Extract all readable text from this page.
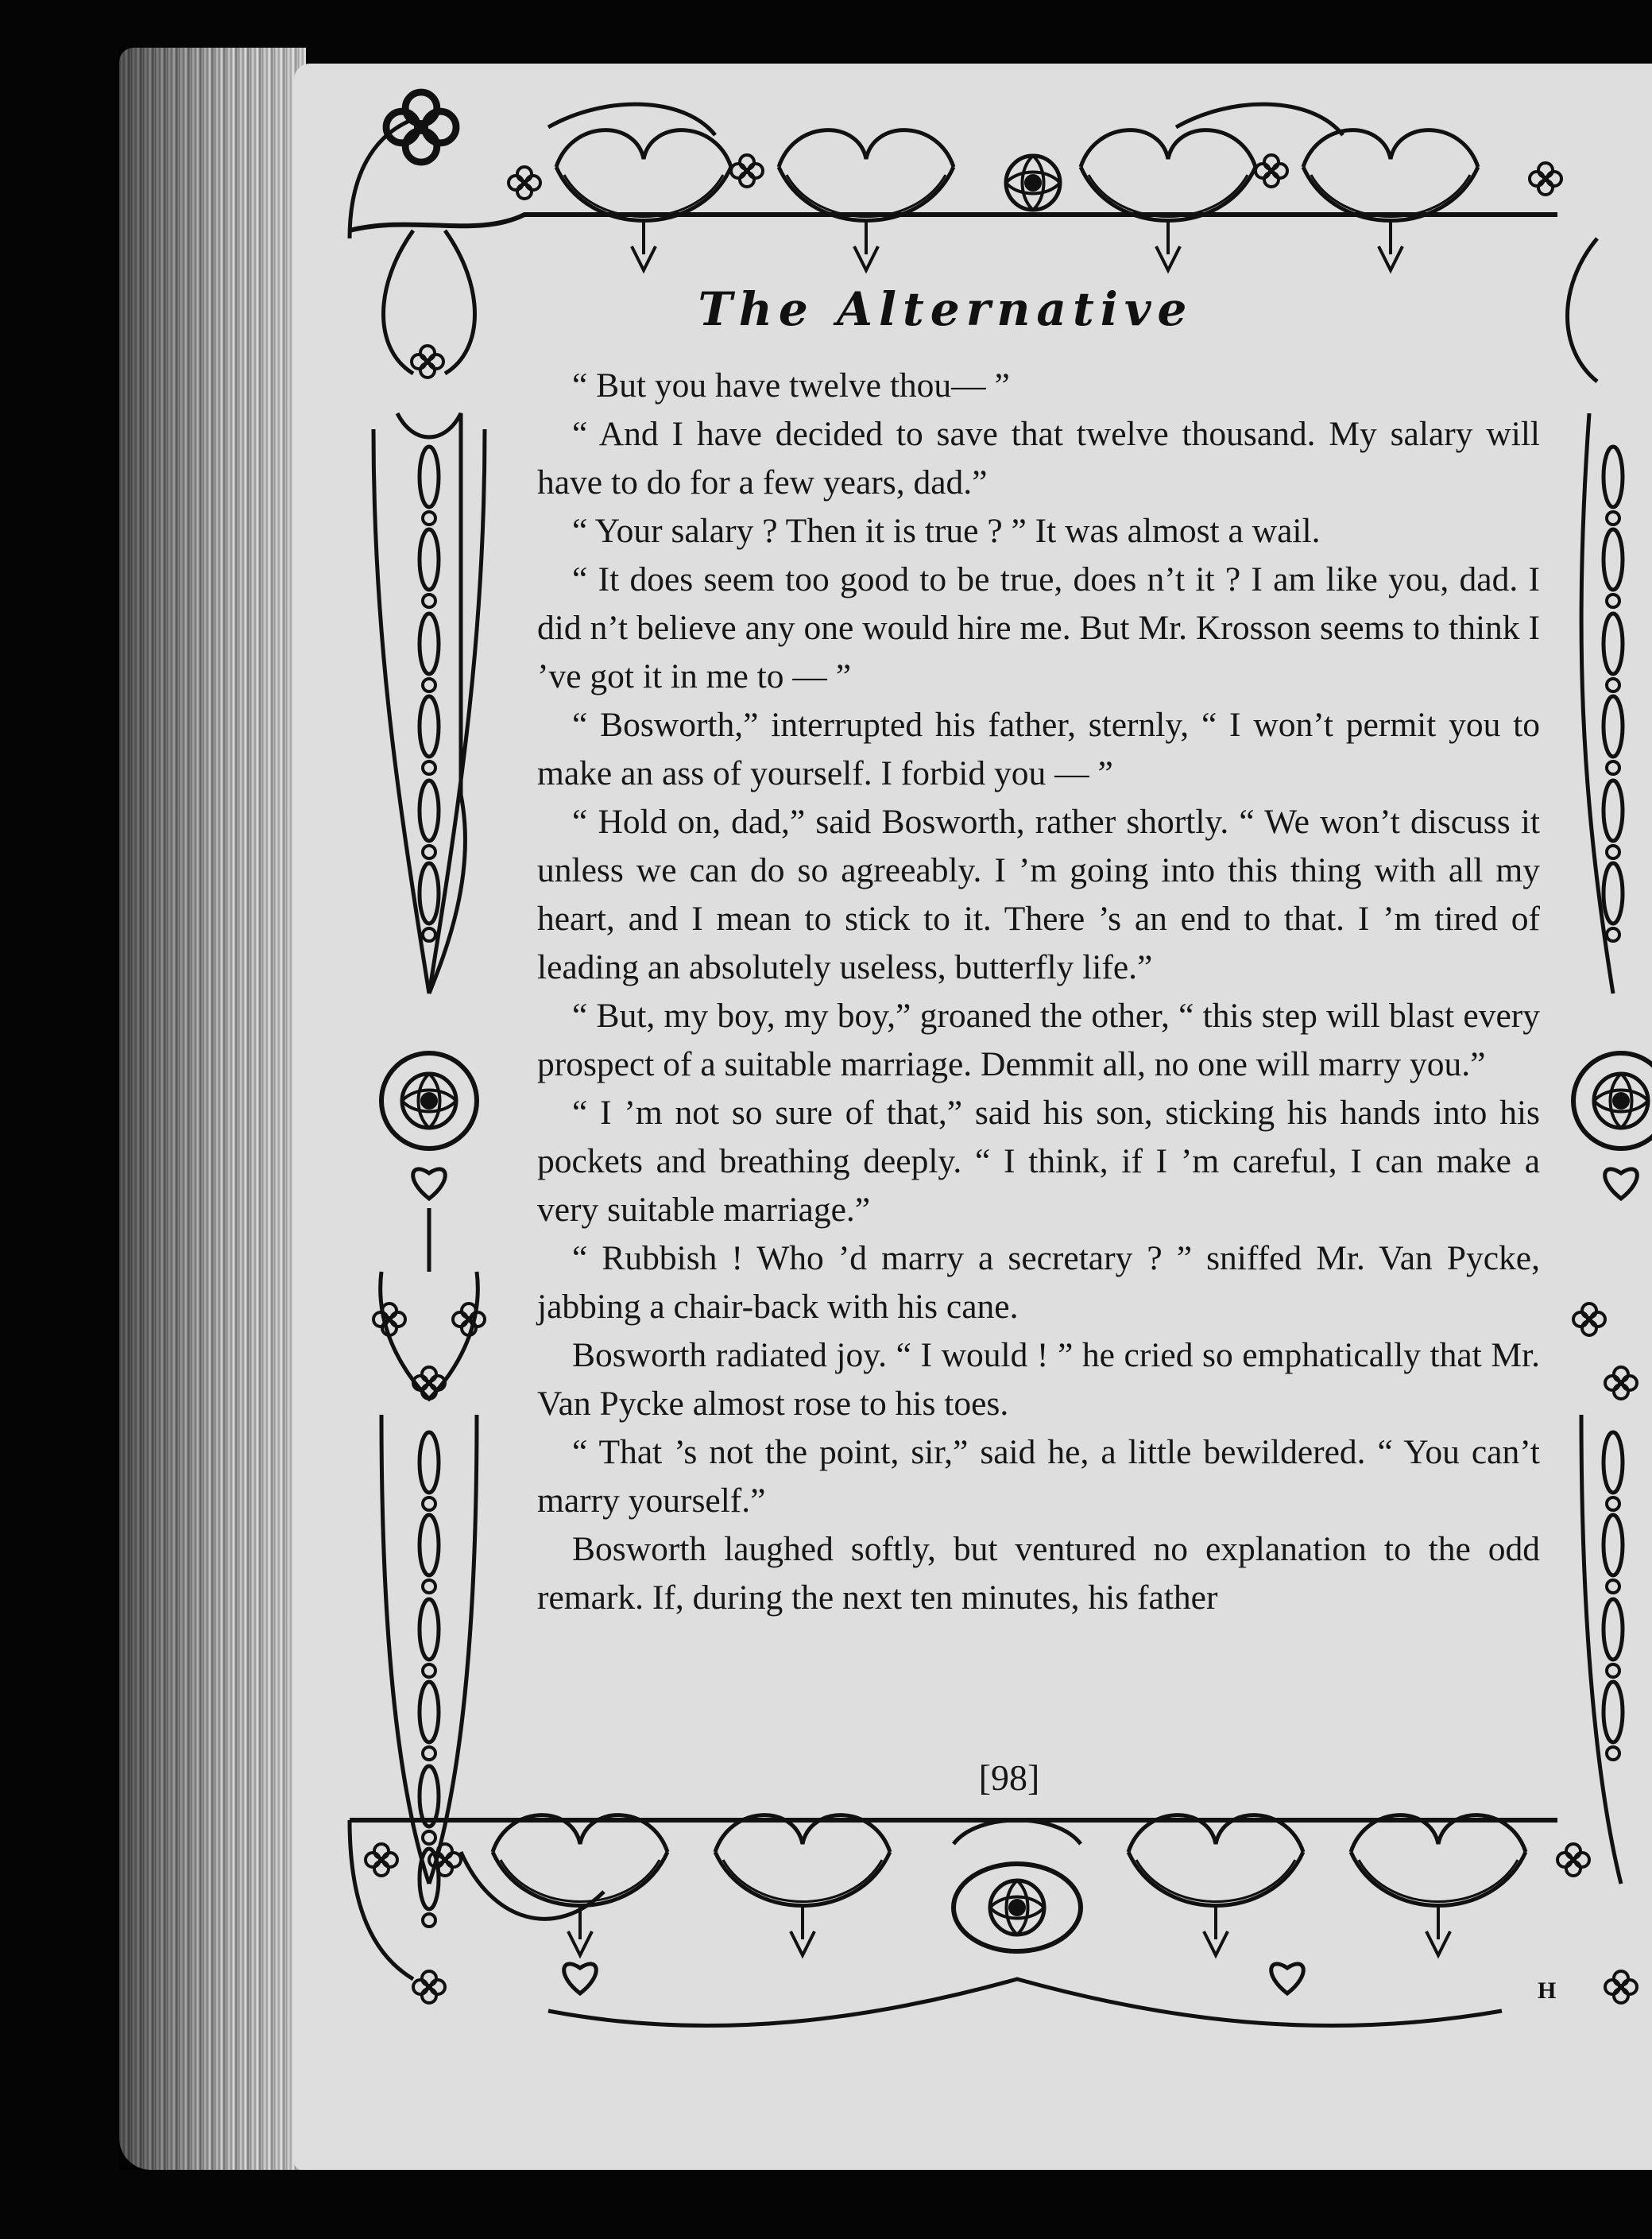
The Alternative

“ But you have twelve thou— ”

“ And I have decided to save that twelve thousand. My salary will have to do for a few years, dad.”

“ Your salary ? Then it is true ? ” It was almost a wail.

“ It does seem too good to be true, does n’t it ? I am like you, dad. I did n’t believe any one would hire me. But Mr. Krosson seems to think I ’ve got it in me to — ”

“ Bosworth,” interrupted his father, sternly, “ I won’t permit you to make an ass of yourself. I forbid you — ”

“ Hold on, dad,” said Bosworth, rather shortly. “ We won’t discuss it unless we can do so agreeably. I ’m going into this thing with all my heart, and I mean to stick to it. There ’s an end to that. I ’m tired of leading an absolutely useless, butterfly life.”

“ But, my boy, my boy,” groaned the other, “ this step will blast every prospect of a suitable marriage. Demmit all, no one will marry you.”

“ I ’m not so sure of that,” said his son, sticking his hands into his pockets and breathing deeply. “ I think, if I ’m careful, I can make a very suitable marriage.”

“ Rubbish ! Who ’d marry a secretary ? ” sniffed Mr. Van Pycke, jabbing a chair-back with his cane.

Bosworth radiated joy. “ I would ! ” he cried so emphatically that Mr. Van Pycke almost rose to his toes.

“ That ’s not the point, sir,” said he, a little bewildered. “ You can’t marry yourself.”

Bosworth laughed softly, but ventured no explanation to the odd remark. If, during the next ten minutes, his father

[98]
H
